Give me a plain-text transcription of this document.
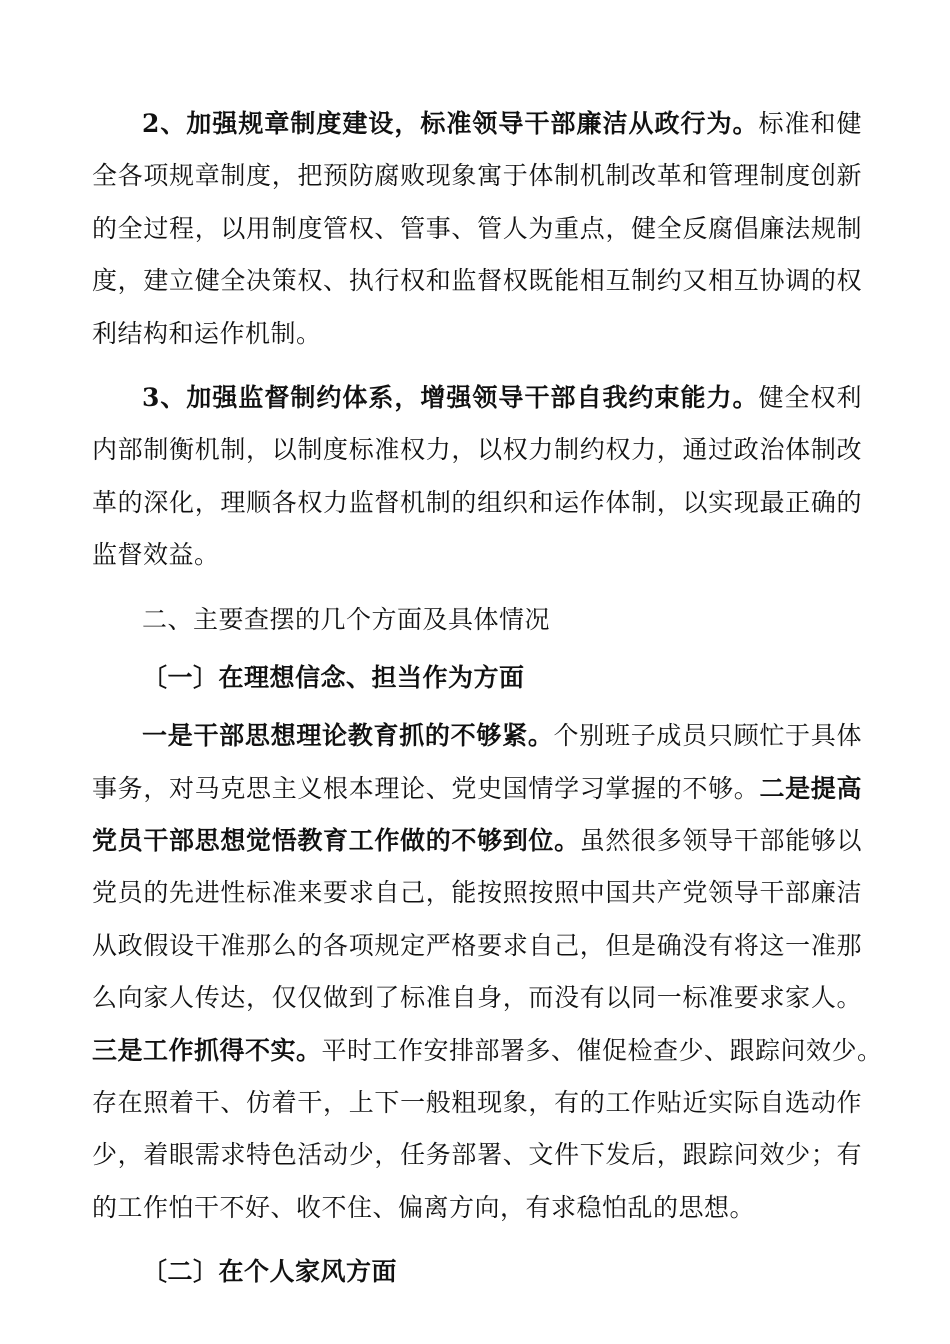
2、加强规章制度建设，标准领导干部廉洁从政行为。标准和健
全各项规章制度，把预防腐败现象寓于体制机制改革和管理制度创新
的全过程，以用制度管权、管事、管人为重点，健全反腐倡廉法规制
度，建立健全决策权、执行权和监督权既能相互制约又相互协调的权
利结构和运作机制。
3、加强监督制约体系，增强领导干部自我约束能力。健全权利
内部制衡机制，以制度标准权力，以权力制约权力，通过政治体制改
革的深化，理顺各权力监督机制的组织和运作体制，以实现最正确的
监督效益。
二、主要查摆的几个方面及具体情况
〔一〕在理想信念、担当作为方面
一是干部思想理论教育抓的不够紧。个别班子成员只顾忙于具体
事务，对马克思主义根本理论、党史国情学习掌握的不够。二是提高
党员干部思想觉悟教育工作做的不够到位。虽然很多领导干部能够以
党员的先进性标准来要求自己，能按照按照中国共产党领导干部廉洁
从政假设干准那么的各项规定严格要求自己，但是确没有将这一准那
么向家人传达，仅仅做到了标准自身，而没有以同一标准要求家人。
三是工作抓得不实。平时工作安排部署多、催促检查少、跟踪问效少。
存在照着干、仿着干，上下一般粗现象，有的工作贴近实际自选动作
少，着眼需求特色活动少，任务部署、文件下发后，跟踪问效少；有
的工作怕干不好、收不住、偏离方向，有求稳怕乱的思想。
〔二〕在个人家风方面
